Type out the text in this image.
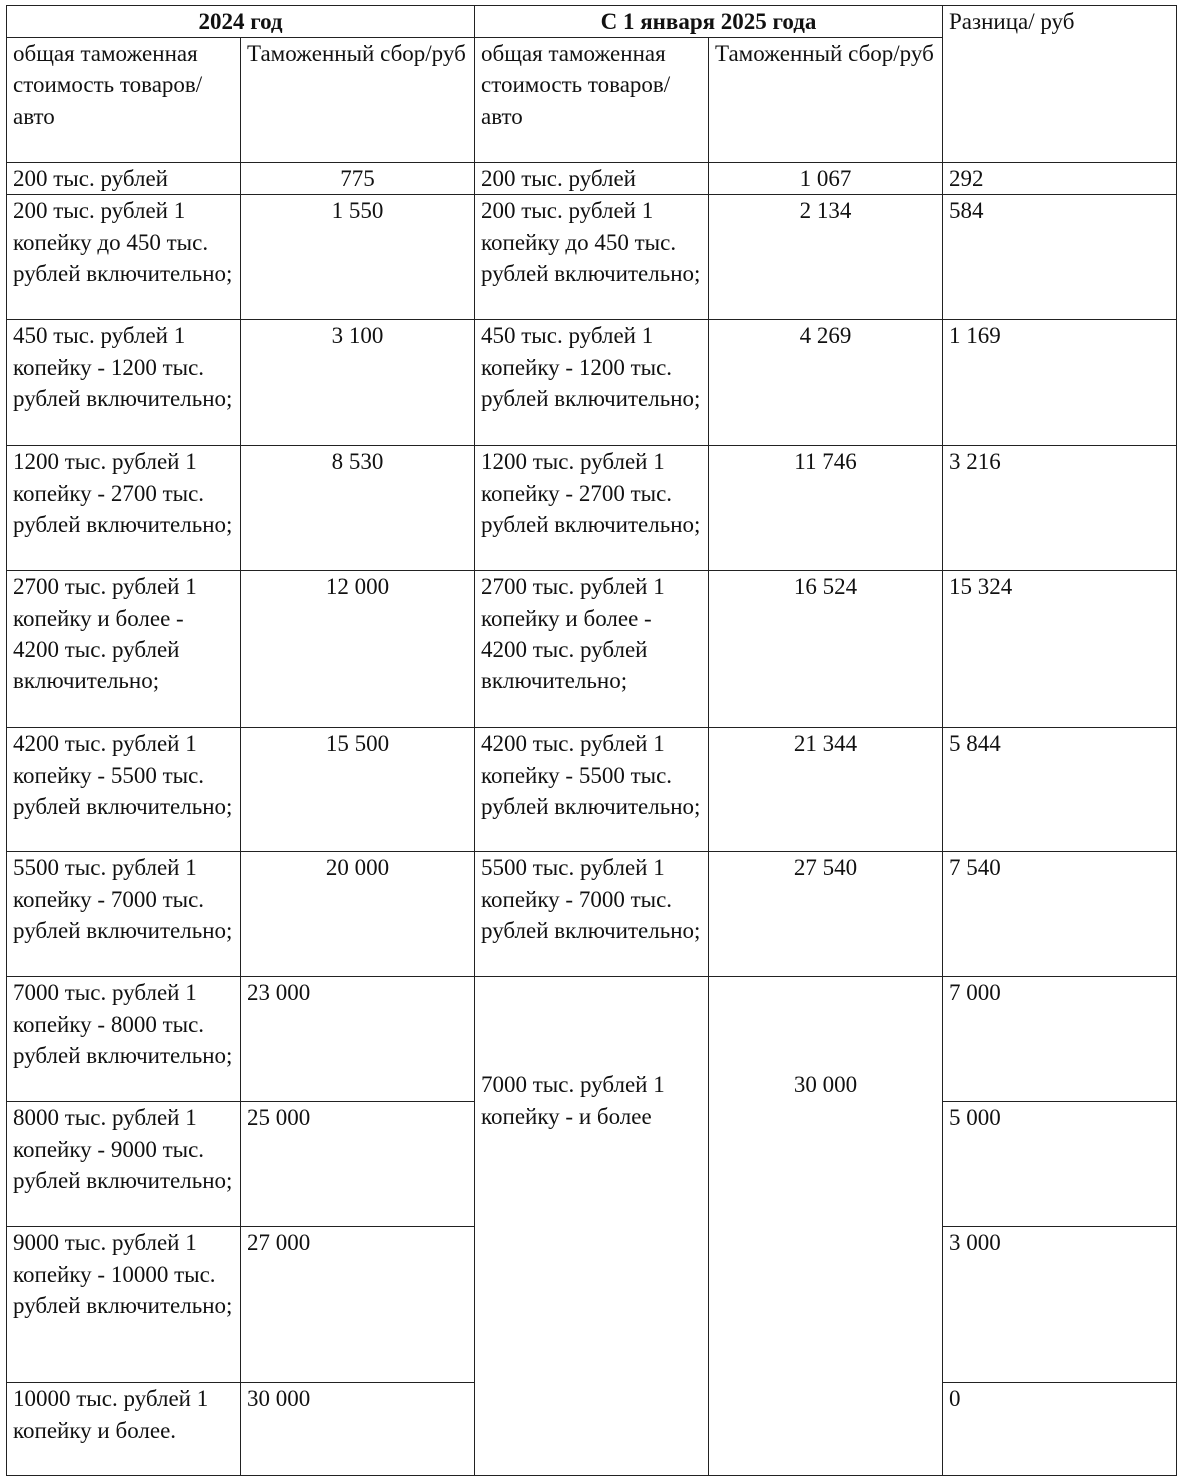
2024 год		С 1 января 2025 года		Разница/ руб
общая таможенная стоимость товаров/авто	Таможенный сбор/руб	общая таможенная стоимость товаров/авто	Таможенный сбор/руб	
200 тыс. рублей	775	200 тыс. рублей	1 067	292
200 тыс. рублей 1 копейку до 450 тыс. рублей включительно;	1 550	200 тыс. рублей 1 копейку до 450 тыс. рублей включительно;	2 134	584
450 тыс. рублей 1 копейку - 1200 тыс. рублей включительно;	3 100	450 тыс. рублей 1 копейку - 1200 тыс. рублей включительно;	4 269	1 169
1200 тыс. рублей 1 копейку - 2700 тыс. рублей включительно;	8 530	1200 тыс. рублей 1 копейку - 2700 тыс. рублей включительно;	11 746	3 216
2700 тыс. рублей 1 копейку и более - 4200 тыс. рублей включительно;	12 000	2700 тыс. рублей 1 копейку и более - 4200 тыс. рублей включительно;	16 524	15 324
4200 тыс. рублей 1 копейку - 5500 тыс. рублей включительно;	15 500	4200 тыс. рублей 1 копейку - 5500 тыс. рублей включительно;	21 344	5 844
5500 тыс. рублей 1 копейку - 7000 тыс. рублей включительно;	20 000	5500 тыс. рублей 1 копейку - 7000 тыс. рублей включительно;	27 540	7 540
7000 тыс. рублей 1 копейку - 8000 тыс. рублей включительно;	23 000	7000 тыс. рублей 1 копейку - и более	30 000	7 000
8000 тыс. рублей 1 копейку - 9000 тыс. рублей включительно;	25 000			5 000
9000 тыс. рублей 1 копейку - 10000 тыс. рублей включительно;	27 000			3 000
10000 тыс. рублей 1 копейку и более.	30 000			0
